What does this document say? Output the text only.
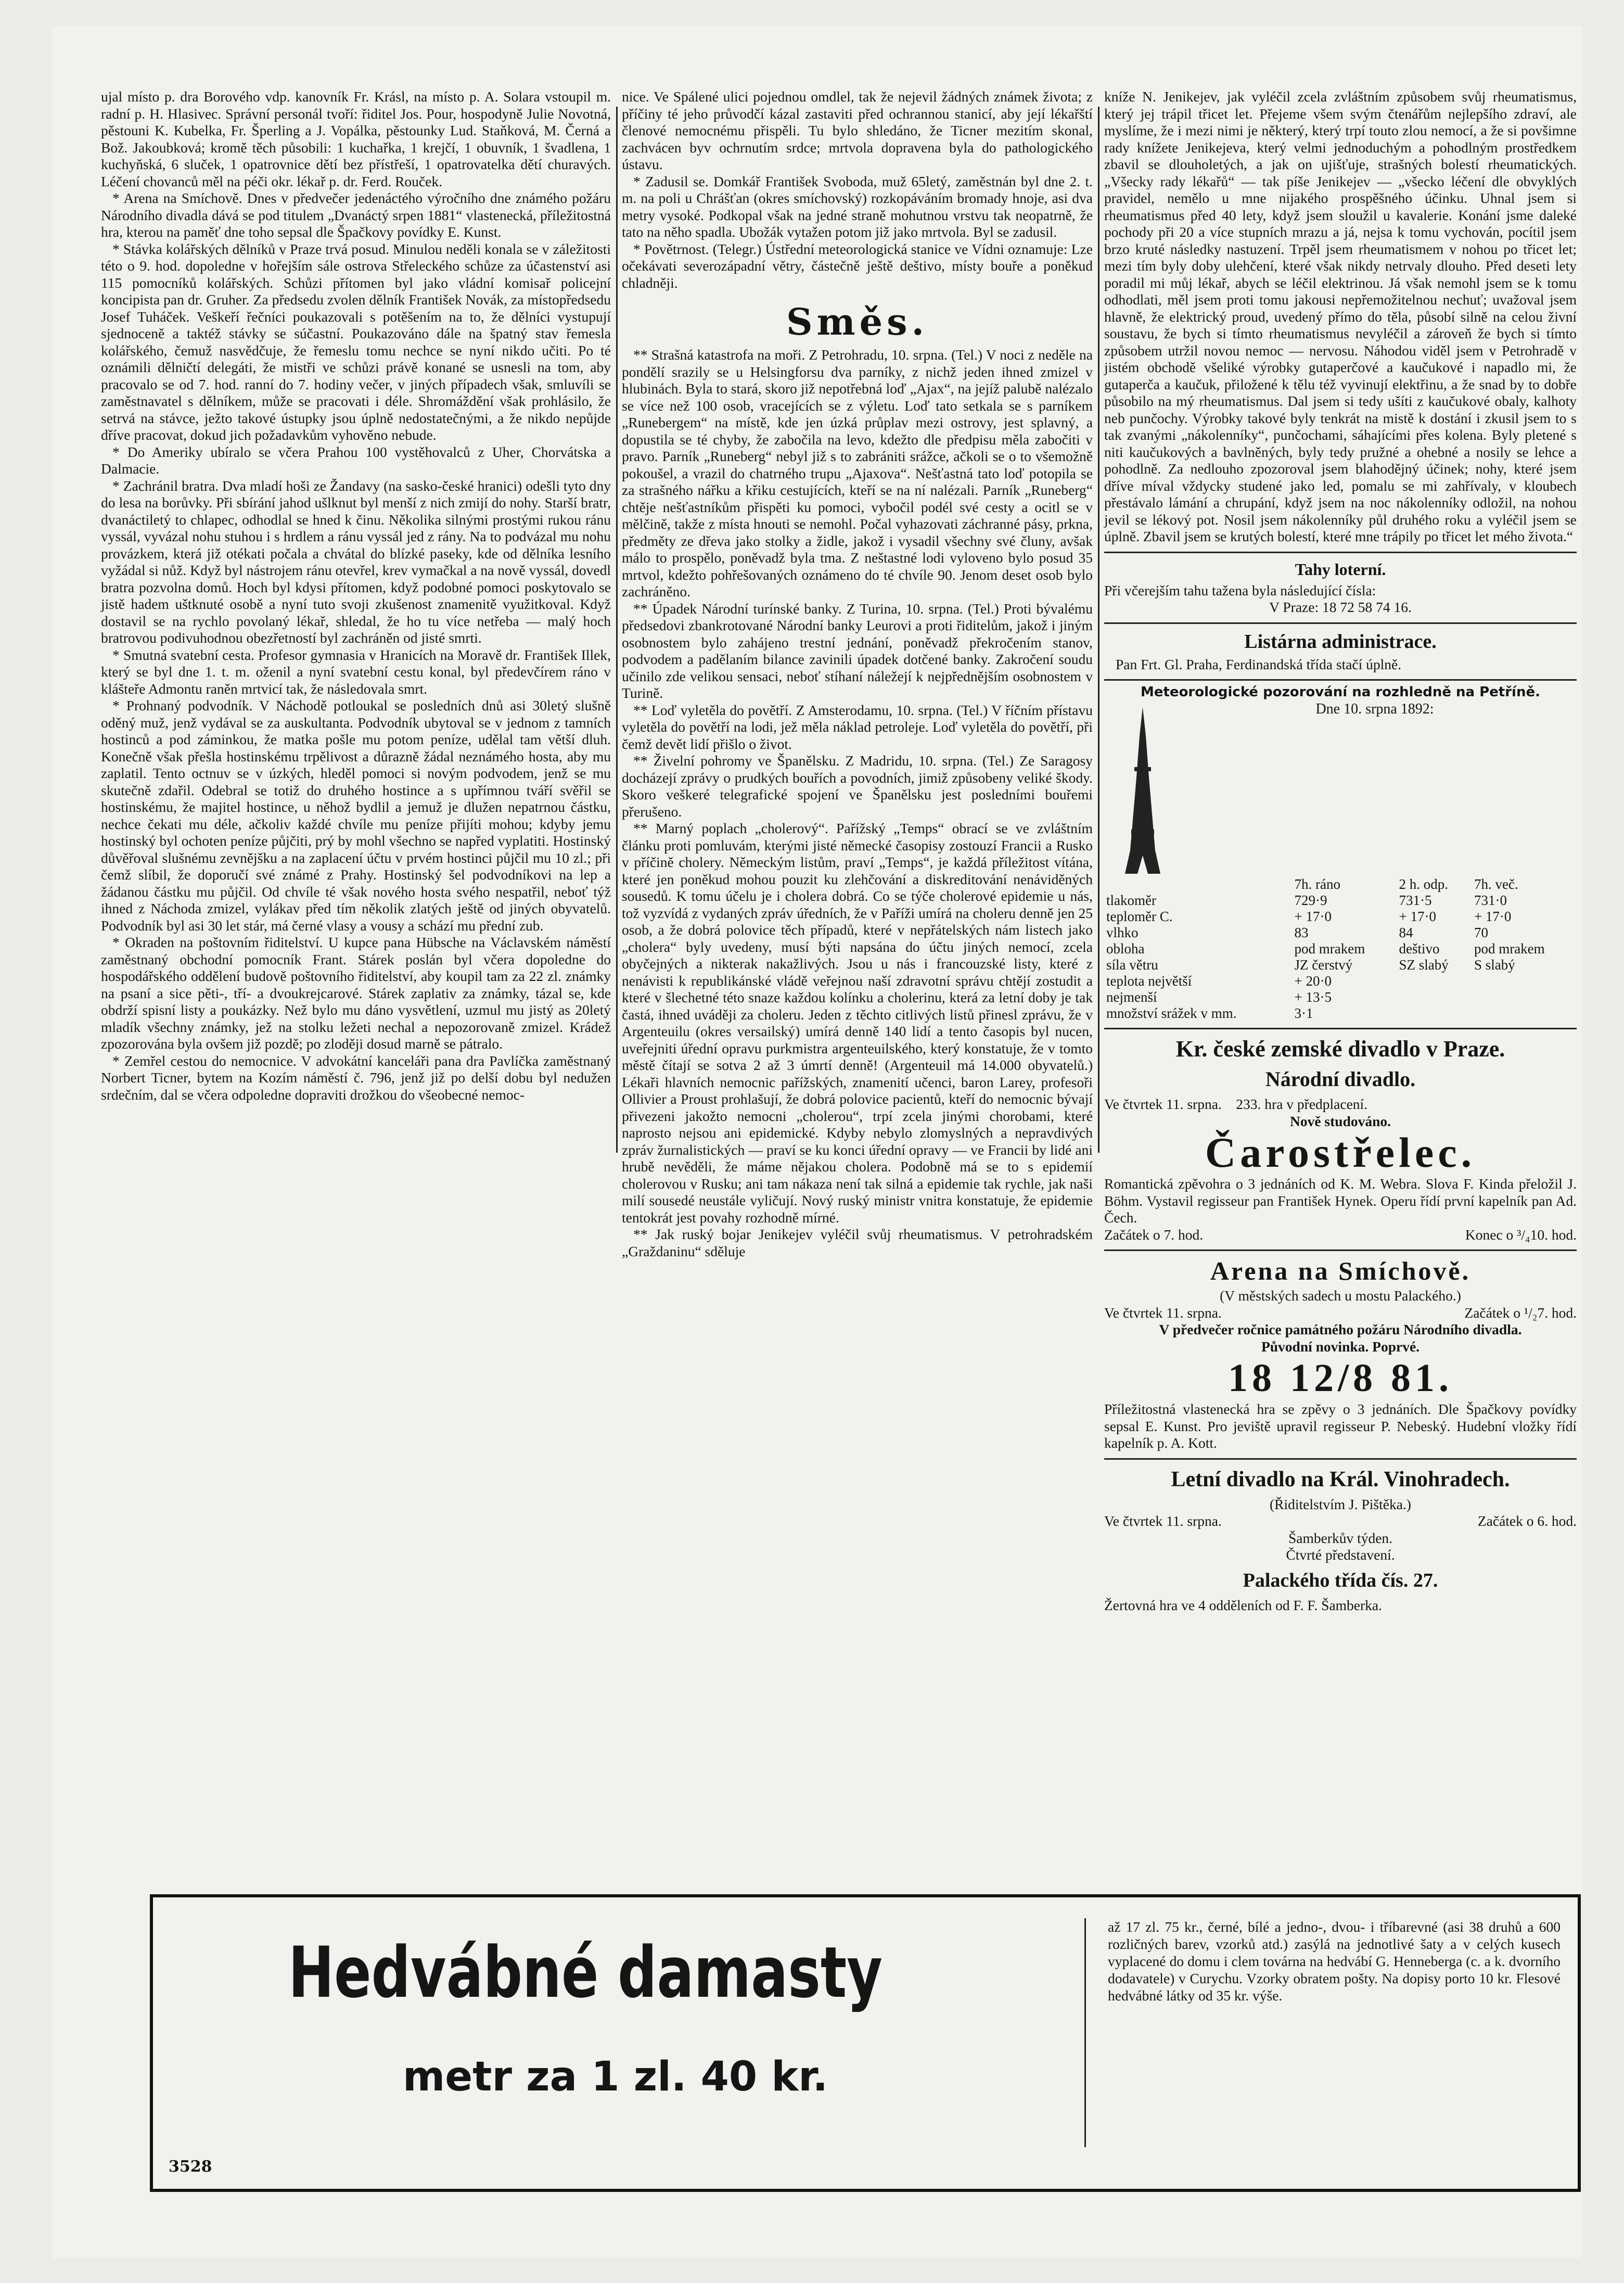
ujal místo p. dra Borového vdp. kanovník Fr. Krásl, na místo p. A. Solara vstoupil m. radní p. H. Hlasivec. Správní personál tvoří: řiditel Jos. Pour, hospodyně Julie Novotná, pěstouni K. Kubelka, Fr. Šperling a J. Vopálka, pěstounky Lud. Staňková, M. Černá a Bož. Jakoubková; kromě těch působili: 1 kuchařka, 1 krejčí, 1 obuvník, 1 švadlena, 1 kuchyňská, 6 sluček, 1 opatrovnice dětí bez přístřeší, 1 opatrovatelka dětí churavých. Léčení chovanců měl na péči okr. lékař p. dr. Ferd. Rouček.

* Arena na Smíchově. Dnes v předvečer jedenáctého výročního dne známého požáru Národního divadla dává se pod titulem „Dvanáctý srpen 1881“ vlastenecká, příležitostná hra, kterou na paměť dne toho sepsal dle Špačkovy povídky E. Kunst.

* Stávka kolářských dělníků v Praze trvá posud. Minulou neděli konala se v záležitosti této o 9. hod. dopoledne v hořejším sále ostrova Střeleckého schůze za účastenství asi 115 pomocníků kolářských. Schůzi přítomen byl jako vládní komisař policejní koncipista pan dr. Gruher. Za předsedu zvolen dělník František Novák, za místopředsedu Josef Tuháček. Veškeří řečníci poukazovali s potěšením na to, že dělníci vystupují sjednoceně a taktéž stávky se súčastní. Poukazováno dále na špatný stav řemesla kolářského, čemuž nasvědčuje, že řemeslu tomu nechce se nyní nikdo učiti. Po té oznámili dělničtí delegáti, že mistři ve schůzi právě konané se usnesli na tom, aby pracovalo se od 7. hod. ranní do 7. hodiny večer, v jiných případech však, smluvíli se zaměstnavatel s dělníkem, může se pracovati i déle. Shromáždění však prohlásilo, že setrvá na stávce, ježto takové ústupky jsou úplně nedostatečnými, a že nikdo nepůjde dříve pracovat, dokud jich požadavkům vyhověno nebude.

* Do Ameriky ubíralo se včera Prahou 100 vystěhovalců z Uher, Chorvátska a Dalmacie.

* Zachránil bratra. Dva mladí hoši ze Žandavy (na sasko-české hranici) odešli tyto dny do lesa na borůvky. Při sbírání jahod ušlknut byl menší z nich zmijí do nohy. Starší bratr, dvanáctiletý to chlapec, odhodlal se hned k činu. Několika silnými prostými rukou ránu vyssál, vyvázal nohu stuhou i s hrdlem a ránu vyssál jed z rány. Na to podvázal mu nohu provázkem, která již otékati počala a chvátal do blízké paseky, kde od dělníka lesního vyžádal si nůž. Když byl nástrojem ránu otevřel, krev vymačkal a na nově vyssál, dovedl bratra pozvolna domů. Hoch byl kdysi přítomen, když podobné pomoci poskytovalo se jistě hadem uštknuté osobě a nyní tuto svoji zkušenost znamenitě využitkoval. Když dostavil se na rychlo povolaný lékař, shledal, že ho tu více netřeba — malý hoch bratrovou podivuhodnou obezřetností byl zachráněn od jisté smrti.

* Smutná svatební cesta. Profesor gymnasia v Hranicích na Moravě dr. František Illek, který se byl dne 1. t. m. oženil a nyní svatební cestu konal, byl předevčírem ráno v klášteře Admontu raněn mrtvicí tak, že následovala smrt.

* Prohnaný podvodník. V Náchodě potloukal se posledních dnů asi 30letý slušně oděný muž, jenž vydával se za auskultanta. Podvodník ubytoval se v jednom z tamních hostinců a pod záminkou, že matka pošle mu potom peníze, udělal tam větší dluh. Konečně však přešla hostinskému trpělivost a důrazně žádal neznámého hosta, aby mu zaplatil. Tento octnuv se v úzkých, hleděl pomoci si novým podvodem, jenž se mu skutečně zdařil. Odebral se totiž do druhého hostince a s upřímnou tváří svěřil se hostinskému, že majitel hostince, u něhož bydlil a jemuž je dlužen nepatrnou částku, nechce čekati mu déle, ačkoliv každé chvíle mu peníze přijíti mohou; kdyby jemu hostinský byl ochoten peníze půjčiti, prý by mohl všechno se napřed vyplatiti. Hostinský důvěřoval slušnému zevnějšku a na zaplacení účtu v prvém hostinci půjčil mu 10 zl.; při čemž slíbil, že doporučí své známé z Prahy. Hostinský šel podvodníkovi na lep a žádanou částku mu půjčil. Od chvíle té však nového hosta svého nespatřil, neboť týž ihned z Náchoda zmizel, vylákav před tím několik zlatých ještě od jiných obyvatelů. Podvodník byl asi 30 let stár, má černé vlasy a vousy a schází mu přední zub.

* Okraden na poštovním řiditelství. U kupce pana Hübsche na Václavském náměstí zaměstnaný obchodní pomocník Frant. Stárek poslán byl včera dopoledne do hospodářského oddělení budově poštovního řiditelství, aby koupil tam za 22 zl. známky na psaní a sice pěti-, tří- a dvoukrejcarové. Stárek zaplativ za známky, tázal se, kde obdrží spisní listy a poukázky. Než bylo mu dáno vysvětlení, uzmul mu jistý as 20letý mladík všechny známky, jež na stolku ležeti nechal a nepozorovaně zmizel. Krádež zpozorována byla ovšem již pozdě; po zloději dosud marně se pátralo.

* Zemřel cestou do nemocnice. V advokátní kanceláři pana dra Pavlíčka zaměstnaný Norbert Ticner, bytem na Kozím náměstí č. 796, jenž již po delší dobu byl nedužen srdečním, dal se včera odpoledne dopraviti drožkou do všeobecné nemoc-

nice. Ve Spálené ulici pojednou omdlel, tak že nejevil žádných známek života; z příčiny té jeho průvodčí kázal zastaviti před ochrannou stanicí, aby její lékařští členové nemocnému přispěli. Tu bylo shledáno, že Ticner mezitím skonal, zachvácen byv ochrnutím srdce; mrtvola dopravena byla do pathologického ústavu.

* Zadusil se. Domkář František Svoboda, muž 65letý, zaměstnán byl dne 2. t. m. na poli u Chrášťan (okres smíchovský) rozkopáváním bromady hnoje, asi dva metry vysoké. Podkopal však na jedné straně mohutnou vrstvu tak neopatrně, že tato na něho spadla. Ubožák vytažen potom již jako mrtvola. Byl se zadusil.

* Povětrnost. (Telegr.) Ústřední meteorologická stanice ve Vídni oznamuje: Lze očekávati severozápadní větry, částečně ještě deštivo, místy bouře a poněkud chladněji.

Směs.

** Strašná katastrofa na moři. Z Petrohradu, 10. srpna. (Tel.) V noci z neděle na pondělí srazily se u Helsingforsu dva parníky, z nichž jeden ihned zmizel v hlubinách. Byla to stará, skoro již nepotřebná loď „Ajax“, na jejíž palubě nalézalo se více než 100 osob, vracejících se z výletu. Loď tato setkala se s parníkem „Runebergem“ na místě, kde jen úzká průplav mezi ostrovy, jest splavný, a dopustila se té chyby, že zabočila na levo, kdežto dle předpisu měla zabočiti v pravo. Parník „Runeberg“ nebyl již s to zabrániti srážce, ačkoli se o to všemožně pokoušel, a vrazil do chatrného trupu „Ajaxova“. Nešťastná tato loď potopila se za strašného nářku a křiku cestujících, kteří se na ní nalézali. Parník „Runeberg“ chtěje nešťastníkům přispěti ku pomoci, vybočil podél své cesty a ocitl se v mělčině, takže z místa hnouti se nemohl. Počal vyhazovati záchranné pásy, prkna, předměty ze dřeva jako stolky a židle, jakož i vysadil všechny své čluny, avšak málo to prospělo, poněvadž byla tma. Z neštastné lodi vyloveno bylo posud 35 mrtvol, kdežto pohřešovaných oznámeno do té chvíle 90. Jenom deset osob bylo zachráněno.

** Úpadek Národní turínské banky. Z Turina, 10. srpna. (Tel.) Proti bývalému předsedovi zbankrotované Národní banky Leurovi a proti řiditelům, jakož i jiným osobnostem bylo zahájeno trestní jednání, poněvadž překročením stanov, podvodem a padělaním bilance zavinili úpadek dotčené banky. Zakročení soudu učinilo zde velikou sensaci, neboť stíhaní náležejí k nejpřednějším osobnostem v Turině.

** Loď vyletěla do povětří. Z Amsterodamu, 10. srpna. (Tel.) V říčním přístavu vyletěla do povětří na lodi, jež měla náklad petroleje. Loď vyletěla do povětří, při čemž devět lidí přišlo o život.

** Živelní pohromy ve Španělsku. Z Madridu, 10. srpna. (Tel.) Ze Saragosy docházejí zprávy o prudkých bouřích a povodních, jimiž způsobeny veliké škody. Skoro veškeré telegrafické spojení ve Španělsku jest posledními bouřemi přerušeno.

** Marný poplach „cholerový“. Pařížský „Temps“ obrací se ve zvláštním článku proti pomluvám, kterými jisté německé časopisy zostouzí Francii a Rusko v příčině cholery. Německým listům, praví „Temps“, je každá příležitost vítána, které jen poněkud mohou pouzit ku zlehčování a diskreditování nenáviděných sousedů. K tomu účelu je i cholera dobrá. Co se týče cholerové epidemie u nás, tož vyzvídá z vydaných zpráv úředních, že v Paříži umírá na choleru denně jen 25 osob, a že dobrá polovice těch případů, které v nepřátelských nám listech jako „cholera“ byly uvedeny, musí býti napsána do účtu jiných nemocí, zcela obyčejných a nikterak nakažlivých. Jsou u nás i francouzské listy, které z nenávisti k republikánské vládě veřejnou naší zdravotní správu chtějí zostudit a které v šlechetné této snaze každou kolínku a cholerinu, která za letní doby je tak častá, ihned uváději za choleru. Jeden z těchto citlivých listů přinesl zprávu, že v Argenteuilu (okres versailský) umírá denně 140 lidí a tento časopis byl nucen, uveřejniti úřední opravu purkmistra argenteuilského, který konstatuje, že v tomto městě čítají se sotva 2 až 3 úmrtí denně! (Argenteuil má 14.000 obyvatelů.) Lékaři hlavních nemocnic pařížských, znamenití učenci, baron Larey, profesoři Ollivier a Proust prohlašují, že dobrá polovice pacientů, kteří do nemocnic bývají přivezeni jakožto nemocni „cholerou“, trpí zcela jinými chorobami, které naprosto nejsou ani epidemické. Kdyby nebylo zlomyslných a nepravdivých zpráv žurnalistických — praví se ku konci úřední opravy — ve Francii by lidé ani hrubě nevěděli, že máme nějakou cholera. Podobně má se to s epidemií cholerovou v Rusku; ani tam nákaza není tak silná a epidemie tak rychle, jak naši milí sousedé neustále vyličují. Nový ruský ministr vnitra konstatuje, že epidemie tentokrát jest povahy rozhodně mírné.

** Jak ruský bojar Jenikejev vyléčil svůj rheumatismus. V petrohradském „Graždaninu“ sděluje

kníže N. Jenikejev, jak vyléčil zcela zvláštním způsobem svůj rheumatismus, který jej trápil třicet let. Přejeme všem svým čtenářům nejlepšího zdraví, ale myslíme, že i mezi nimi je některý, který trpí touto zlou nemocí, a že si povšimne rady knížete Jenikejeva, který velmi jednoduchým a pohodlným prostředkem zbavil se dlouholetých, a jak on ujišťuje, strašných bolestí rheumatických. „Všecky rady lékařů“ — tak píše Jenikejev — „všecko léčení dle obvyklých pravidel, nemělo u mne nijakého prospěšného účinku. Uhnal jsem si rheumatismus před 40 lety, když jsem sloužil u kavalerie. Konání jsme daleké pochody při 20 a více stupních mrazu a já, nejsa k tomu vychován, pocítil jsem brzo kruté následky nastuzení. Trpěl jsem rheumatismem v nohou po třicet let; mezi tím byly doby ulehčení, které však nikdy netrvaly dlouho. Před deseti lety poradil mi můj lékař, abych se léčil elektrinou. Já však nemohl jsem se k tomu odhodlati, měl jsem proti tomu jakousi nepřemožitelnou nechuť; uvažoval jsem hlavně, že elektrický proud, uvedený přímo do těla, působí silně na celou živní soustavu, že bych si tímto rheumatismus nevyléčil a zároveň že bych si tímto způsobem utržil novou nemoc — nervosu. Náhodou viděl jsem v Petrohradě v jistém obchodě všeliké výrobky gutaperčové a kaučukové i napadlo mi, že gutaperča a kaučuk, přiložené k tělu též vyvinují elektřinu, a že snad by to dobře působilo na mý rheumatismus. Dal jsem si tedy ušíti z kaučukové obaly, kalhoty neb punčochy. Výrobky takové byly tenkrát na mistě k dostání i zkusil jsem to s tak zvanými „nákolenníky“, punčochami, sáhajícími přes kolena. Byly pletené s niti kaučukových a bavlněných, byly tedy pružné a ohebné a nosily se lehce a pohodlně. Za nedlouho zpozoroval jsem blahodějný účinek; nohy, které jsem dříve míval vždycky studené jako led, pomalu se mi zahřívaly, v kloubech přestávalo lámání a chrupání, když jsem na noc nákolenníky odložil, na nohou jevil se lékový pot. Nosil jsem nákolenníky půl druhého roku a vyléčil jsem se úplně. Zbavil jsem se krutých bolestí, které mne trápily po třicet let mého života.“

Tahy loterní.

Při včerejším tahu tažena byla následující čísla:

V Praze: 18 72 58 74 16.

Listárna administrace.

Pan Frt. Gl. Praha, Ferdinandská třída stačí úplně.

Meteorologické pozorování na rozhledně na Petříně.
Dne 10. srpna 1892:
	7h. ráno	2 h. odp.	7h. več.
tlakoměr	729·9	731·5	731·0
teploměr C.	+ 17·0	+ 17·0	+ 17·0
vlhko	83	84	70
obloha	pod mrakem	deštivo	pod mrakem
síla větru	JZ čerstvý	SZ slabý	S slabý
teplota největší	+ 20·0		
nejmenší	+ 13·5		
množství srážek v mm.	3·1		
Kr. české zemské divadlo v Praze.
Národní divadlo.

Ve čtvrtek 11. srpna. 233. hra v předplacení.

Nově studováno.

Čarostřelec.

Romantická zpěvohra o 3 jednáních od K. M. Webra. Slova F. Kinda přeložil J. Böhm. Vystavil regisseur pan František Hynek. Operu řídí první kapelník pan Ad. Čech.

Začátek o 7. hod.	Konec o ³/₄10. hod.

Arena na Smíchově.

(V městských sadech u mostu Palackého.)

Ve čtvrtek 11. srpna.	Začátek o ¹/₂7. hod.

V předvečer ročnice památného požáru Národního divadla.

Původní novinka. Poprvé.

18 12/8 81.

Příležitostná vlastenecká hra se zpěvy o 3 jednáních. Dle Špačkovy povídky sepsal E. Kunst. Pro jeviště upravil regisseur P. Nebeský. Hudební vložky řídí kapelník p. A. Kott.

Letní divadlo na Král. Vinohradech.

(Řiditelstvím J. Pištěka.)

Ve čtvrtek 11. srpna.	Začátek o 6. hod.

Šamberkův týden.

Čtvrté představení.

Palackého třída čís. 27.

Žertovná hra ve 4 odděleních od F. F. Šamberka.

Hedvábné damasty
metr za 1 zl. 40 kr.
3528
až 17 zl. 75 kr., černé, bílé a jedno-, dvou- i tříbarevné (asi 38 druhů a 600 rozličných barev, vzorků atd.) zasýlá na jednotlivé šaty a v celých kusech vyplacené do domu i clem továrna na hedvábí G. Henneberga (c. a k. dvorního dodavatele) v Curychu. Vzorky obratem pošty. Na dopisy porto 10 kr. Flesové hedvábné látky od 35 kr. výše.
